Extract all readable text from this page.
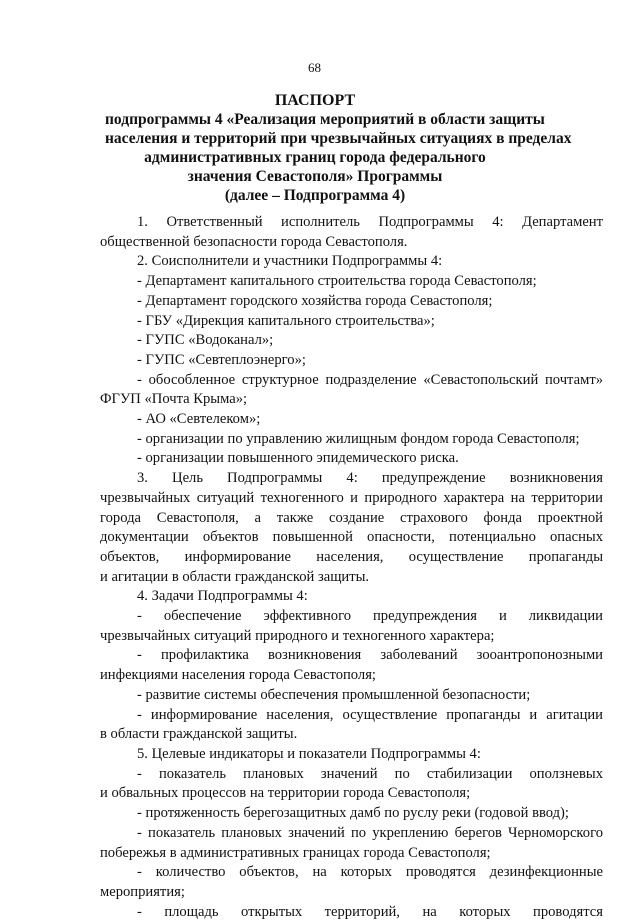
68
ПАСПОРТ
подпрограммы 4 «Реализация мероприятий в области защиты
населения и территорий при чрезвычайных ситуациях в пределах
административных границ города федерального
значения Севастополя» Программы
(далее – Подпрограмма 4)
1. Ответственный исполнитель Подпрограммы 4: Департамент
общественной безопасности города Севастополя.
2. Соисполнители и участники Подпрограммы 4:
- Департамент капитального строительства города Севастополя;
- Департамент городского хозяйства города Севастополя;
- ГБУ «Дирекция капитального строительства»;
- ГУПС «Водоканал»;
- ГУПС «Севтеплоэнерго»;
- обособленное структурное подразделение «Севастопольский почтамт»
ФГУП «Почта Крыма»;
- АО «Севтелеком»;
- организации по управлению жилищным фондом города Севастополя;
- организации повышенного эпидемического риска.
3. Цель Подпрограммы 4: предупреждение возникновения
чрезвычайных ситуаций техногенного и природного характера на территории
города Севастополя, а также создание страхового фонда проектной
документации объектов повышенной опасности, потенциально опасных
объектов, информирование населения, осуществление пропаганды
и агитации в области гражданской защиты.
4. Задачи Подпрограммы 4:
- обеспечение эффективного предупреждения и ликвидации
чрезвычайных ситуаций природного и техногенного характера;
- профилактика возникновения заболеваний зооантропонозными
инфекциями населения города Севастополя;
- развитие системы обеспечения промышленной безопасности;
- информирование населения, осуществление пропаганды и агитации
в области гражданской защиты.
5. Целевые индикаторы и показатели Подпрограммы 4:
- показатель плановых значений по стабилизации оползневых
и обвальных процессов на территории города Севастополя;
- протяженность берегозащитных дамб по руслу реки (годовой ввод);
- показатель плановых значений по укреплению берегов Черноморского
побережья в административных границах города Севастополя;
- количество объектов, на которых проводятся дезинфекционные
мероприятия;
- площадь открытых территорий, на которых проводятся
